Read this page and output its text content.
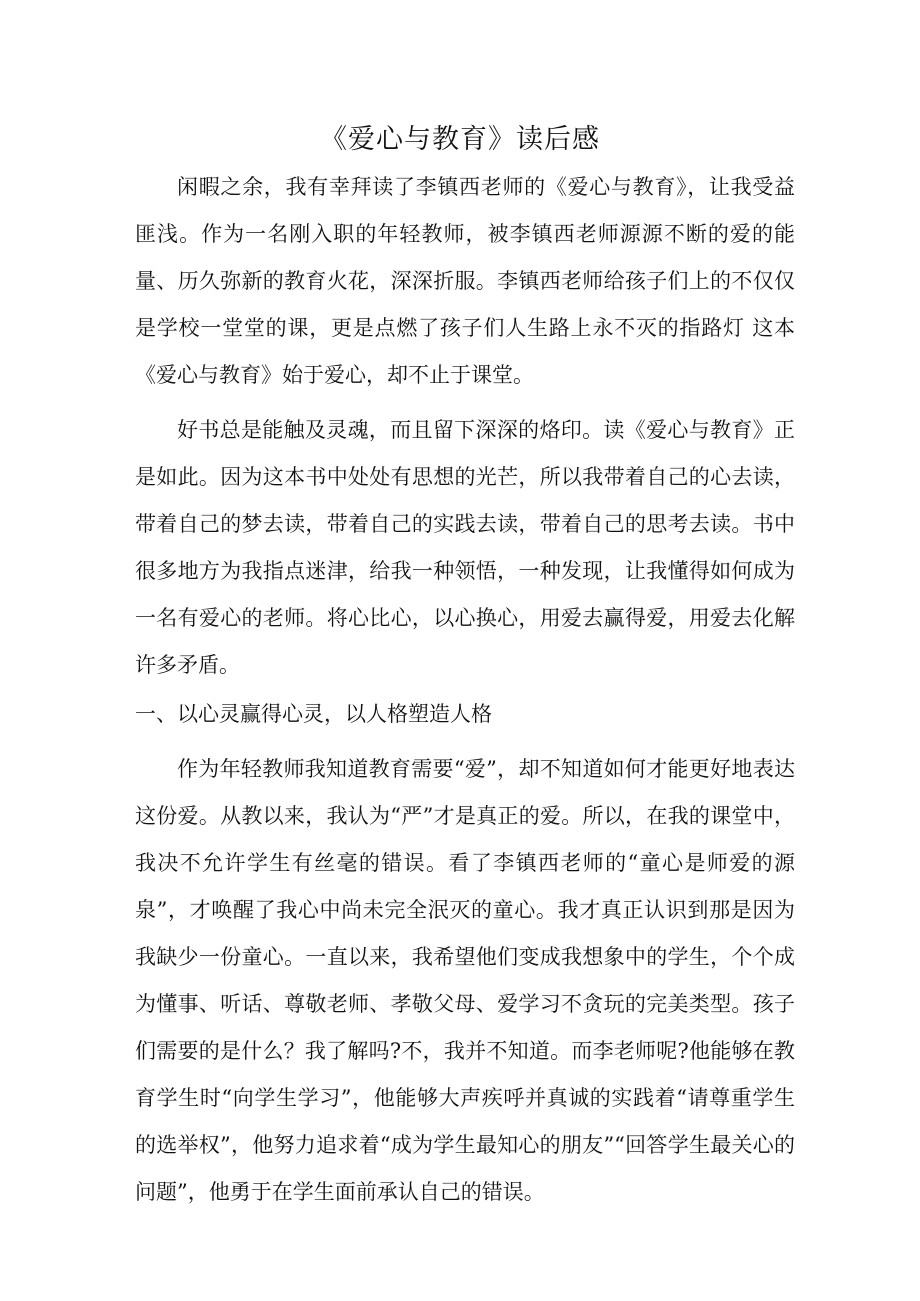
《爱心与教育》读后感

闲暇之余，我有幸拜读了李镇西老师的《爱心与教育》，让我受益匪浅。作为一名刚入职的年轻教师，被李镇西老师源源不断的爱的能量、历久弥新的教育火花，深深折服。李镇西老师给孩子们上的不仅仅是学校一堂堂的课，更是点燃了孩子们人生路上永不灭的指路灯 这本《爱心与教育》始于爱心，却不止于课堂。

好书总是能触及灵魂，而且留下深深的烙印。读《爱心与教育》正是如此。因为这本书中处处有思想的光芒，所以我带着自己的心去读，带着自己的梦去读，带着自己的实践去读，带着自己的思考去读。书中很多地方为我指点迷津，给我一种领悟，一种发现，让我懂得如何成为一名有爱心的老师。将心比心，以心换心，用爱去赢得爱，用爱去化解许多矛盾。

一、以心灵赢得心灵，以人格塑造人格

作为年轻教师我知道教育需要“爱”，却不知道如何才能更好地表达这份爱。从教以来，我认为“严”才是真正的爱。所以，在我的课堂中，我决不允许学生有丝毫的错误。看了李镇西老师的“童心是师爱的源泉”，才唤醒了我心中尚未完全泯灭的童心。我才真正认识到那是因为我缺少一份童心。一直以来，我希望他们变成我想象中的学生，个个成为懂事、听话、尊敬老师、孝敬父母、爱学习不贪玩的完美类型。孩子们需要的是什么？我了解吗?不，我并不知道。而李老师呢?他能够在教育学生时“向学生学习”，他能够大声疾呼并真诚的实践着“请尊重学生的选举权”，他努力追求着“成为学生最知心的朋友”“回答学生最关心的问题”，他勇于在学生面前承认自己的错误。
